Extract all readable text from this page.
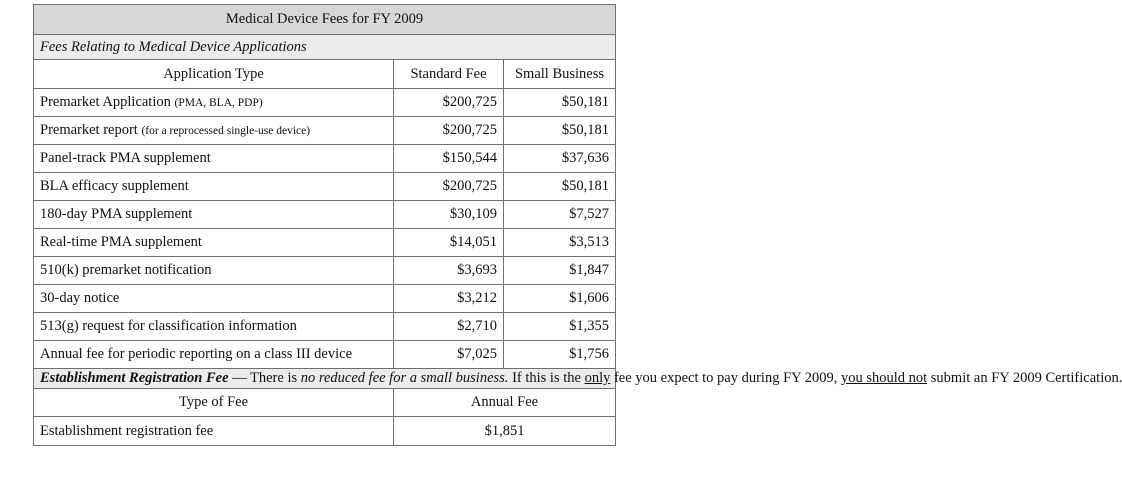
Medical Device Fees for FY 2009		
Fees Relating to Medical Device Applications		
Application Type	Standard Fee	Small Business
Premarket Application (PMA, BLA, PDP)	$200,725	$50,181
Premarket report (for a reprocessed single-use device)	$200,725	$50,181
Panel-track PMA supplement	$150,544	$37,636
BLA efficacy supplement	$200,725	$50,181
180-day PMA supplement	$30,109	$7,527
Real-time PMA supplement	$14,051	$3,513
510(k) premarket notification	$3,693	$1,847
30-day notice	$3,212	$1,606
513(g) request for classification information	$2,710	$1,355
Annual fee for periodic reporting on a class III device	$7,025	$1,756
Establishment Registration Fee — There is no reduced fee for a small business. If this is the only fee you expect to pay during FY 2009, you should not submit an FY 2009 Certification.		
Type of Fee	Annual Fee	
Establishment registration fee	$1,851	
